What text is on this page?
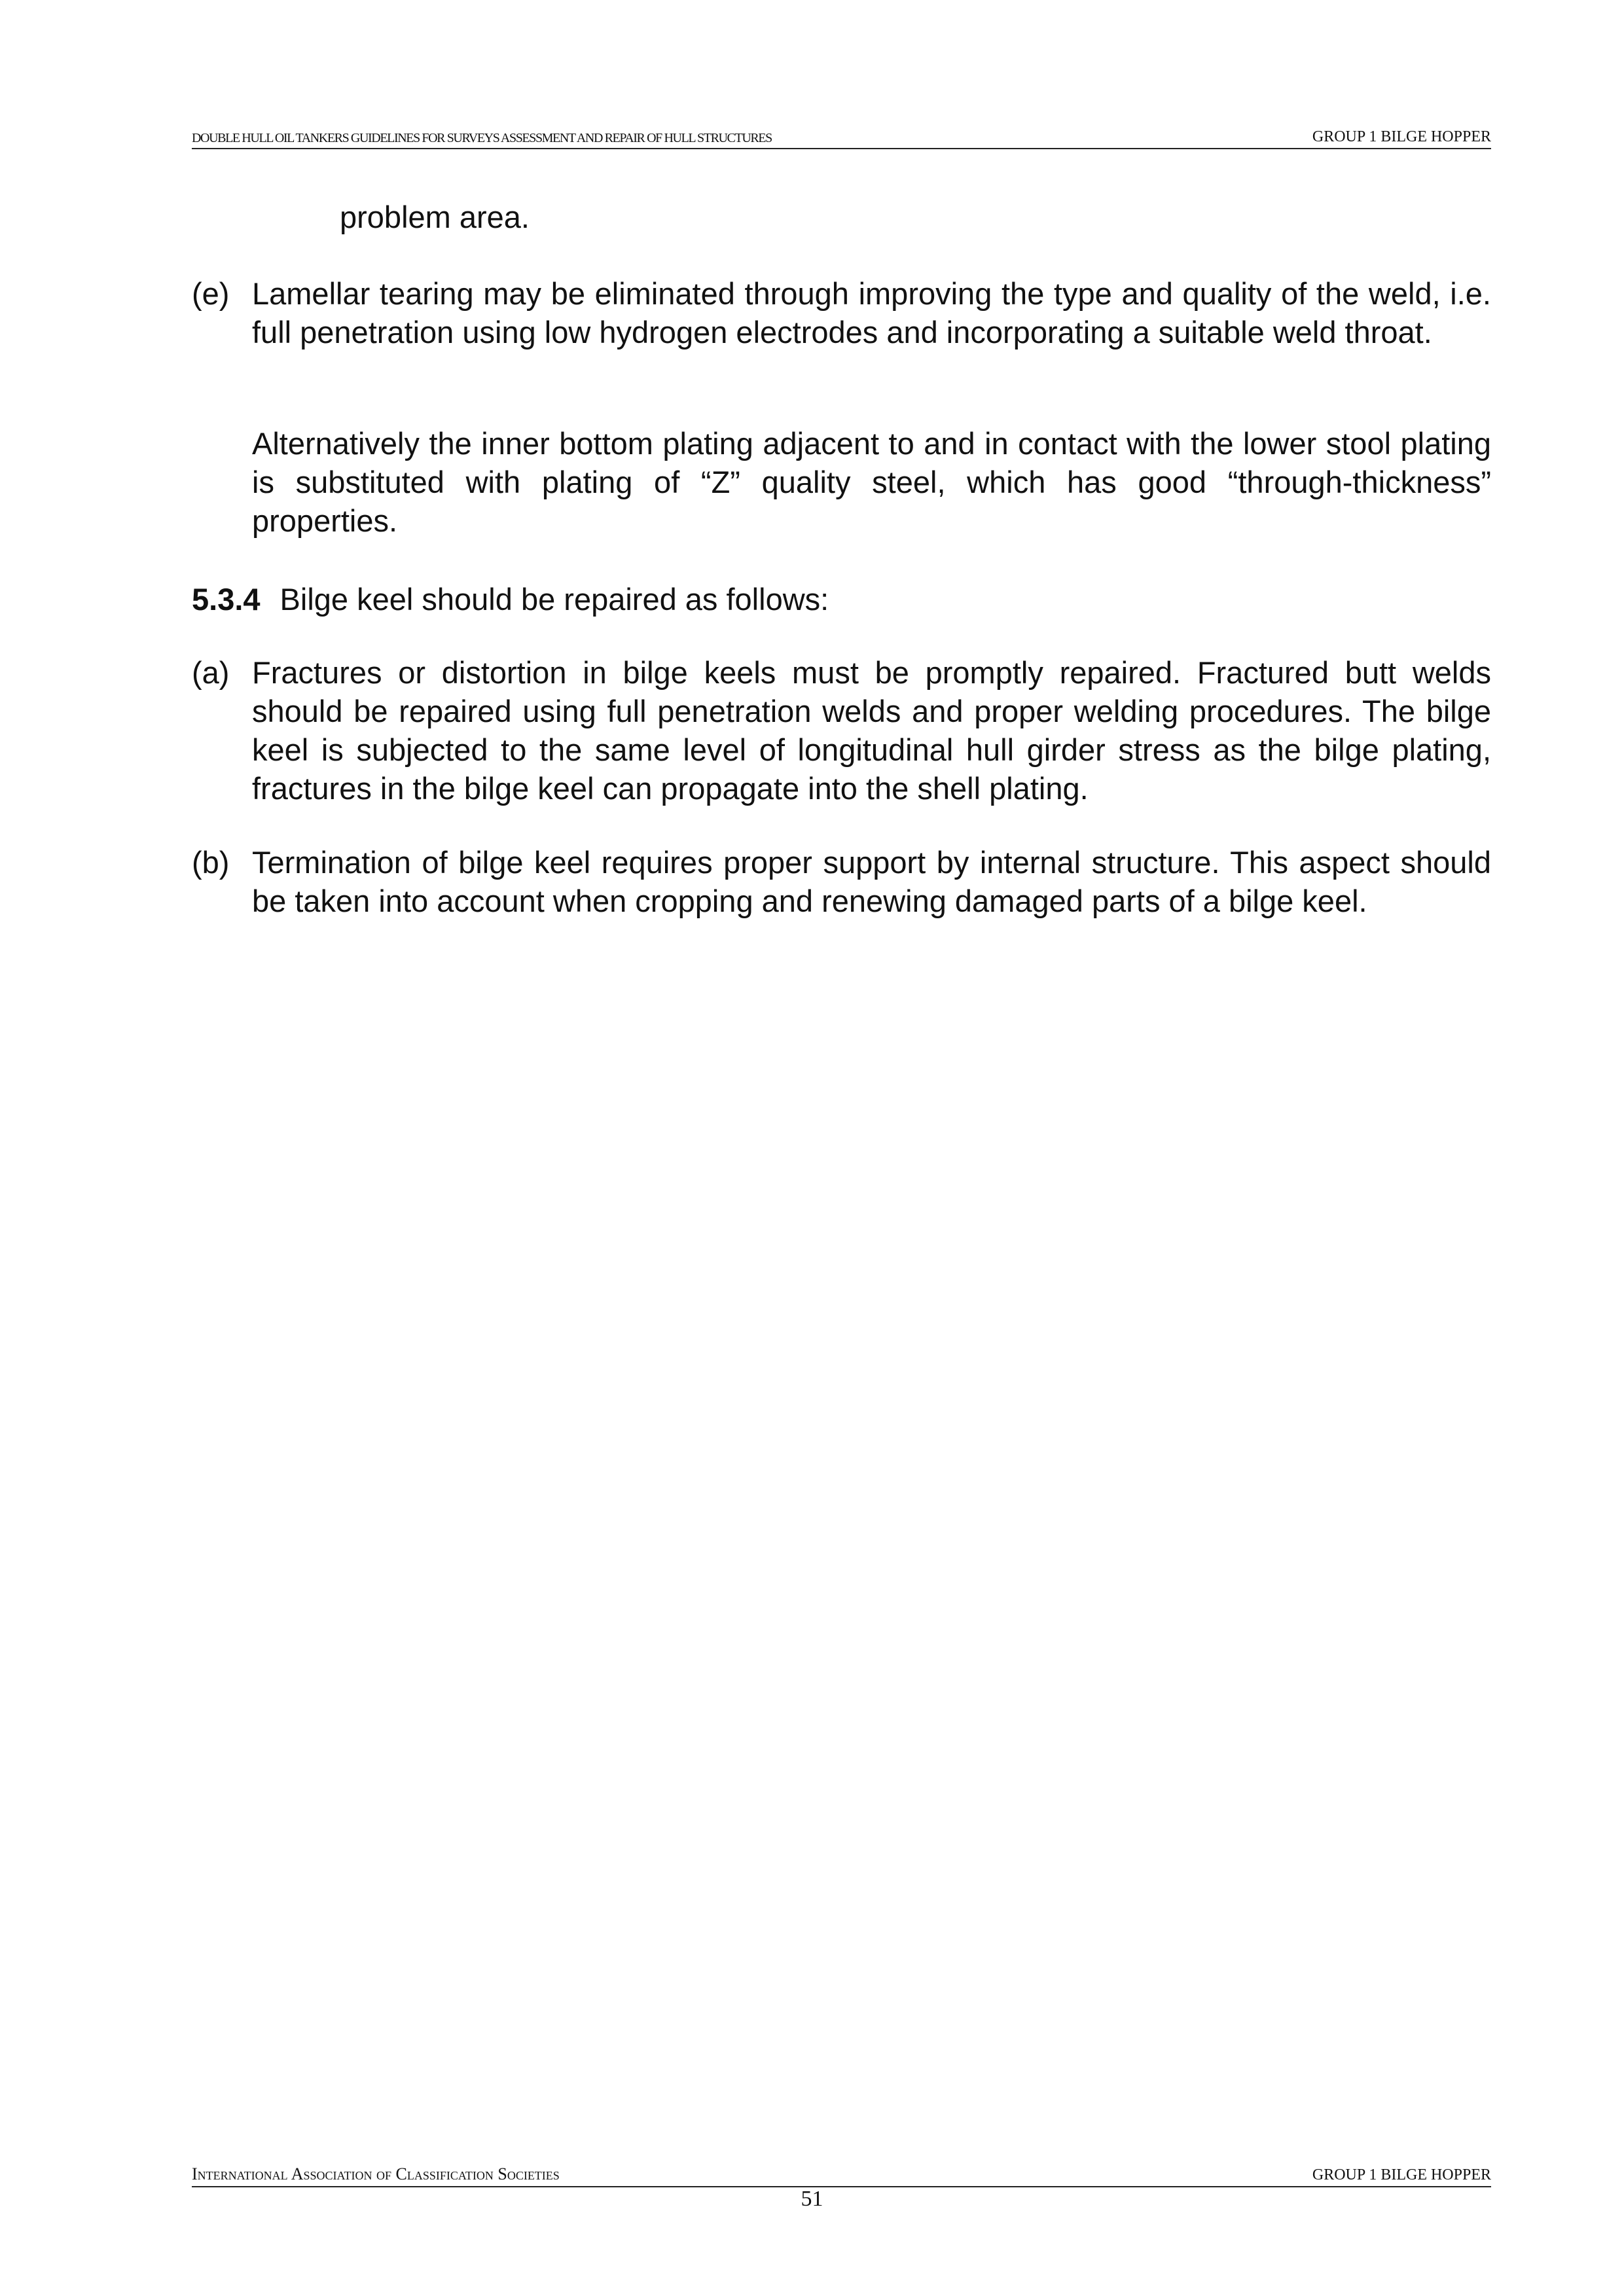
DOUBLE HULL OIL TANKERS GUIDELINES FOR SURVEYS ASSESSMENT AND REPAIR OF HULL STRUCTURES	GROUP 1 BILGE HOPPER
problem area.
(e) Lamellar tearing may be eliminated through improving the type and quality of the weld, i.e. full penetration using low hydrogen electrodes and incorporating a suitable weld throat.
Alternatively the inner bottom plating adjacent to and in contact with the lower stool plating is substituted with plating of “Z” quality steel, which has good “through-thickness” properties.
5.3.4 Bilge keel should be repaired as follows:
(a) Fractures or distortion in bilge keels must be promptly repaired. Fractured butt welds should be repaired using full penetration welds and proper welding procedures. The bilge keel is subjected to the same level of longitudinal hull girder stress as the bilge plating, fractures in the bilge keel can propagate into the shell plating.
(b) Termination of bilge keel requires proper support by internal structure. This aspect should be taken into account when cropping and renewing damaged parts of a bilge keel.
International Association of Classification Societies	GROUP 1 BILGE HOPPER
51
